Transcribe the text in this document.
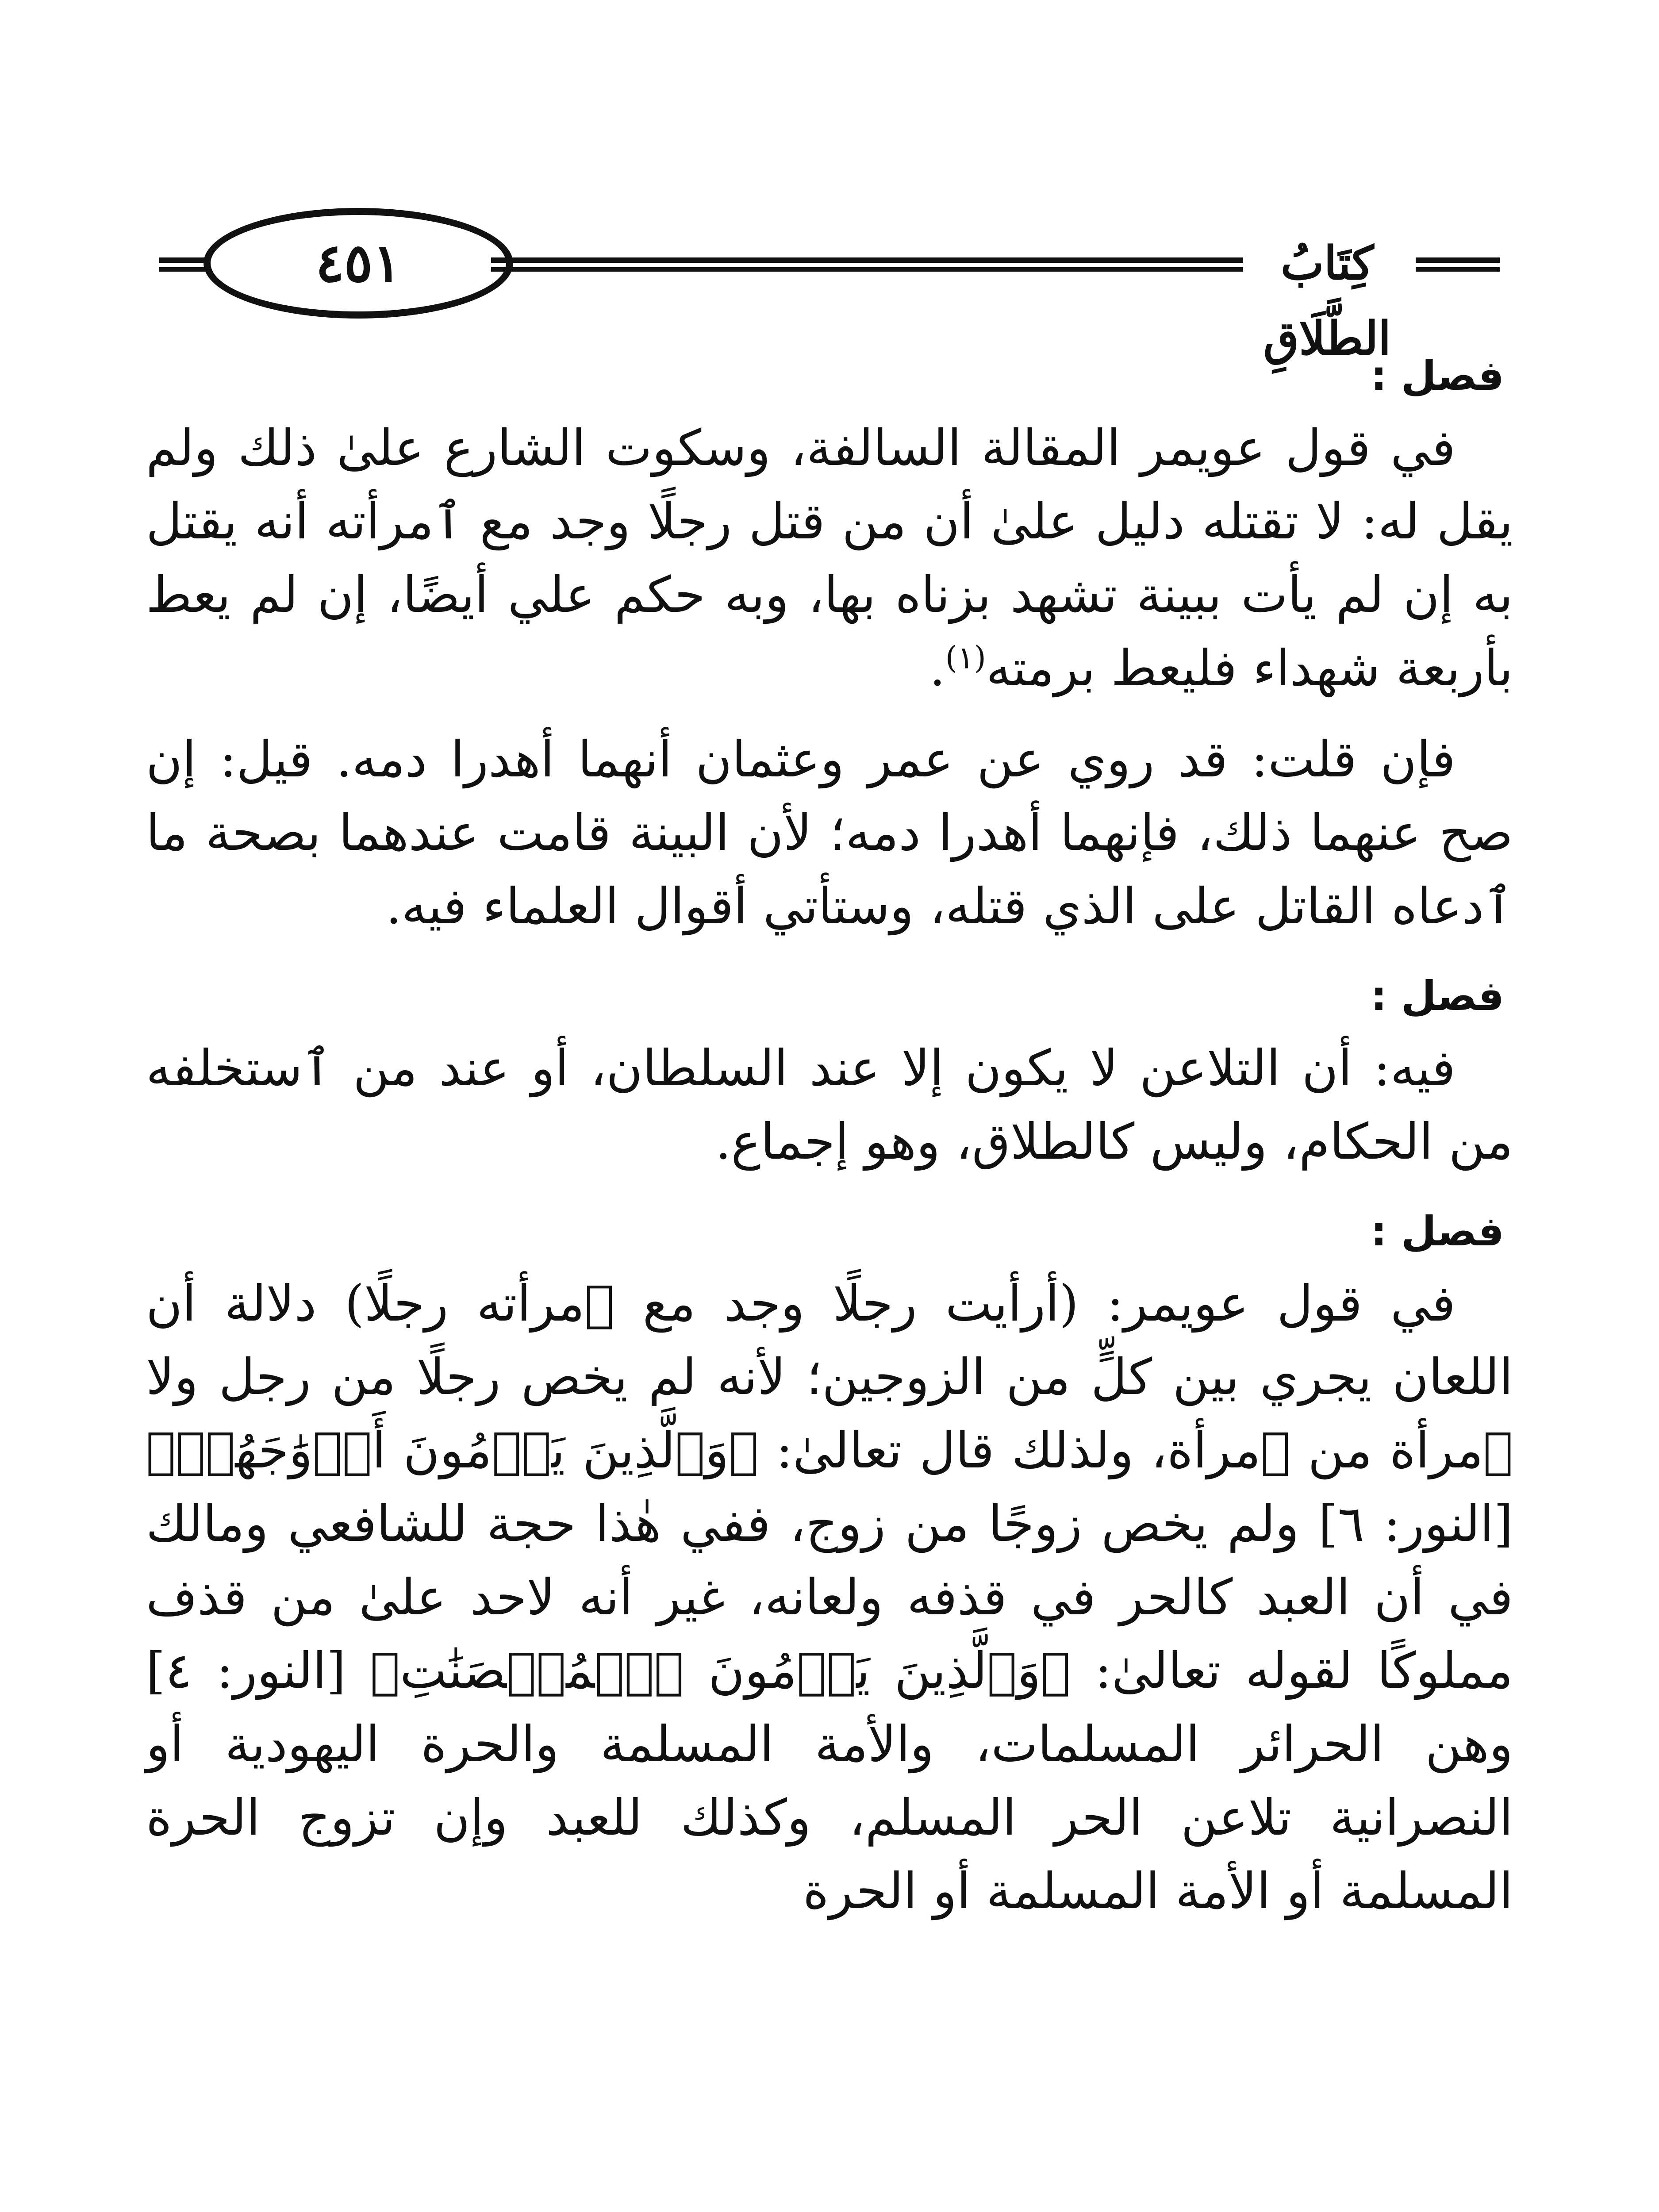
٤٥١	كِتَابُ الطَّلَاقِ
فصل :

في قول عويمر المقالة السالفة، وسكوت الشارع علىٰ ذلك ولم يقل له: لا تقتله دليل علىٰ أن من قتل رجلًا وجد مع ٱمرأته أنه يقتل به إن لم يأت ببينة تشهد بزناه بها، وبه حكم علي أيضًا، إن لم يعط بأربعة شهداء فليعط برمته$^{(١)}$.

فإن قلت: قد روي عن عمر وعثمان أنهما أهدرا دمه. قيل: إن صح عنهما ذلك، فإنهما أهدرا دمه؛ لأن البينة قامت عندهما بصحة ما ٱدعاه القاتل على الذي قتله، وستأتي أقوال العلماء فيه.

فصل :

فيه: أن التلاعن لا يكون إلا عند السلطان، أو عند من ٱستخلفه من الحكام، وليس كالطلاق، وهو إجماع.

فصل :

في قول عويمر: (أرأيت رجلًا وجد مع ٱمرأته رجلًا) دلالة أن اللعان يجري بين كلٍّ من الزوجين؛ لأنه لم يخص رجلًا من رجل ولا ٱمرأة من ٱمرأة، ولذلك قال تعالىٰ: ﴿وَٱلَّذِينَ يَرۡمُونَ أَزۡوَٰجَهُمۡ﴾ [النور: ٦] ولم يخص زوجًا من زوج، ففي هٰذا حجة للشافعي ومالك في أن العبد كالحر في قذفه ولعانه، غير أنه لاحد علىٰ من قذف مملوكًا لقوله تعالىٰ: ﴿وَٱلَّذِينَ يَرۡمُونَ ٱلۡمُحۡصَنَٰتِ﴾ [النور: ٤] وهن الحرائر المسلمات، والأمة المسلمة والحرة اليهودية أو النصرانية تلاعن الحر المسلم، وكذلك للعبد وإن تزوج الحرة المسلمة أو الأمة المسلمة أو الحرة
